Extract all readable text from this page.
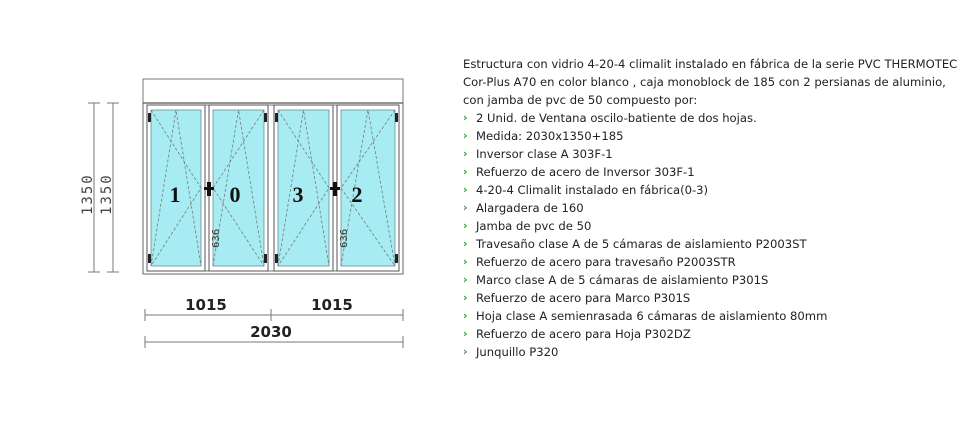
1 0 3 2
636	636
1350 1350
1015	1015
2030

Estructura con vidrio 4-20-4 climalit instalado en fábrica de la serie PVC THERMOTEC Cor-Plus A70 en color blanco , caja monoblock de 185 con 2 persianas de aluminio, con jamba de pvc de 50 compuesto por:

› 2 Unid. de Ventana oscilo-batiente de dos hojas.
› Medida: 2030x1350+185
› Inversor clase A 303F-1
› Refuerzo de acero de Inversor 303F-1
› 4-20-4 Climalit instalado en fábrica(0-3)
› Alargadera de 160
› Jamba de pvc de 50
› Travesaño clase A de 5 cámaras de aislamiento P2003ST
› Refuerzo de acero para travesaño P2003STR
› Marco clase A de 5 cámaras de aislamiento P301S
› Refuerzo de acero para Marco P301S
› Hoja clase A semienrasada 6 cámaras de aislamiento 80mm
› Refuerzo de acero para Hoja P302DZ
› Junquillo P320
